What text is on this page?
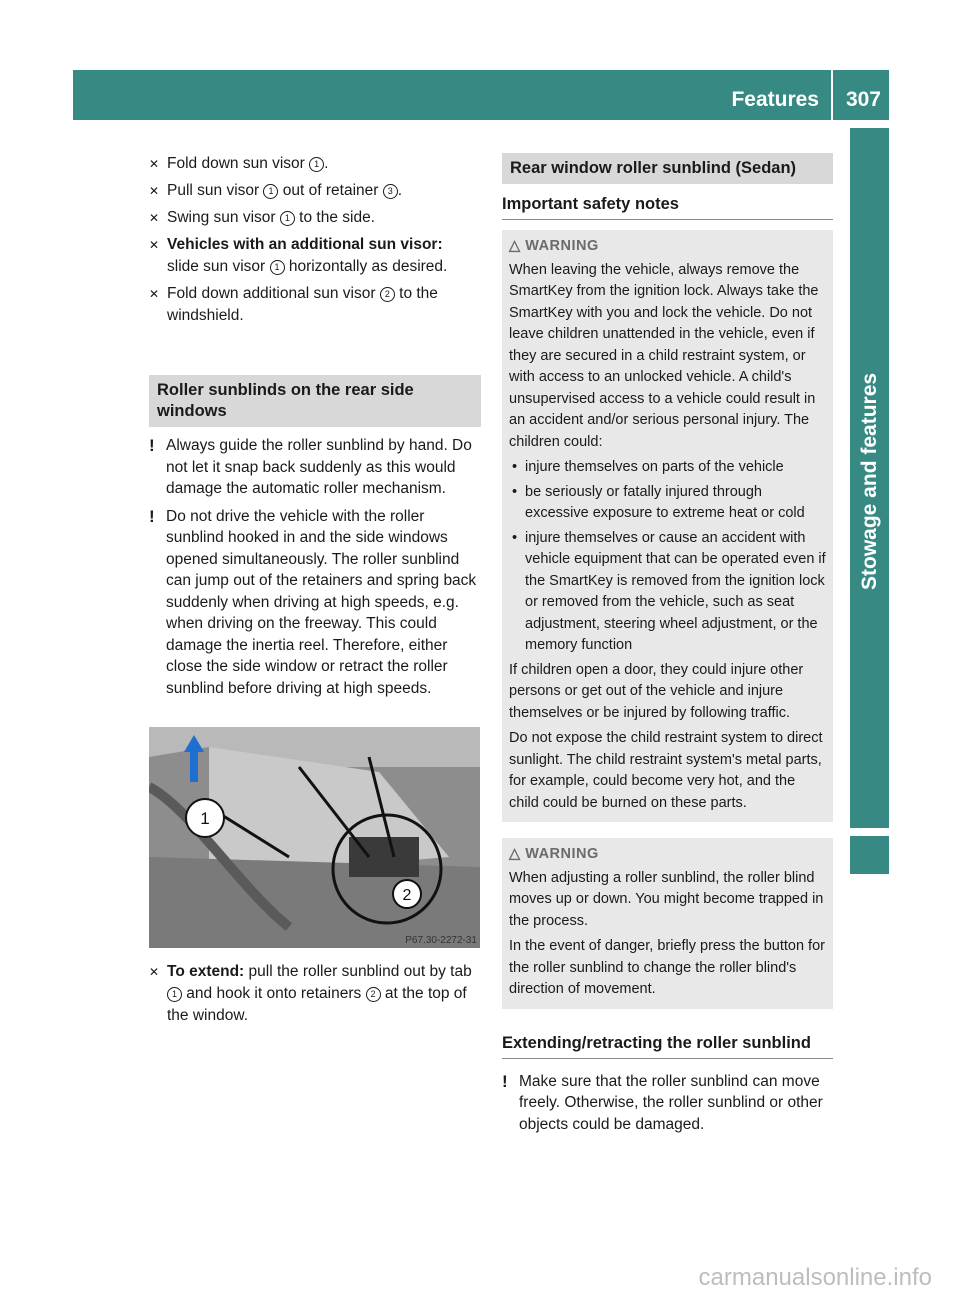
Features 307
Stowage and features
✕ Fold down sun visor 1 .
✕ Pull sun visor 1 out of retainer 3 .
✕ Swing sun visor 1 to the side.
✕ Vehicles with an additional sun visor:
slide sun visor 1 horizontally as desired.
✕ Fold down additional sun visor 2 to the windshield.
Roller sunblinds on the rear side windows
! Always guide the roller sunblind by hand. Do not let it snap back suddenly as this would damage the automatic roller mechanism.
! Do not drive the vehicle with the roller sunblind hooked in and the side windows opened simultaneously. The roller sunblind can jump out of the retainers and spring back suddenly when driving at high speeds, e.g. when driving on the freeway. This could damage the inertia reel. Therefore, either close the side window or retract the roller sunblind before driving at high speeds.
1
2
P67.30-2272-31
✕ To extend: pull the roller sunblind out by tab 1 and hook it onto retainers 2 at the top of the window.
Rear window roller sunblind (Sedan)
Important safety notes
△ WARNING
When leaving the vehicle, always remove the SmartKey from the ignition lock. Always take the SmartKey with you and lock the vehicle. Do not leave children unattended in the vehicle, even if they are secured in a child restraint system, or with access to an unlocked vehicle. A child's unsupervised access to a vehicle could result in an accident and/or serious personal injury. The children could:
• injure themselves on parts of the vehicle
• be seriously or fatally injured through excessive exposure to extreme heat or cold
• injure themselves or cause an accident with vehicle equipment that can be operated even if the SmartKey is removed from the ignition lock or removed from the vehicle, such as seat adjustment, steering wheel adjustment, or the memory function
If children open a door, they could injure other persons or get out of the vehicle and injure themselves or be injured by following traffic.
Do not expose the child restraint system to direct sunlight. The child restraint system's metal parts, for example, could become very hot, and the child could be burned on these parts.
△ WARNING
When adjusting a roller sunblind, the roller blind moves up or down. You might become trapped in the process.
In the event of danger, briefly press the button for the roller sunblind to change the roller blind's direction of movement.
Extending/retracting the roller sunblind
! Make sure that the roller sunblind can move freely. Otherwise, the roller sunblind or other objects could be damaged.
carmanualsonline.info
